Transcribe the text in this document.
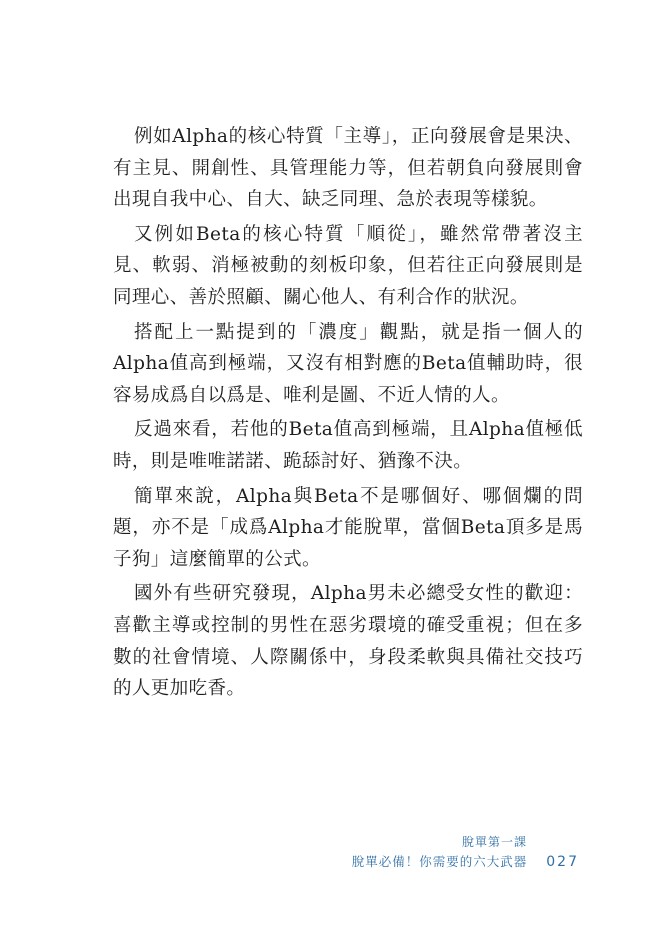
例如Alpha的核心特質「主導」，正向發展會是果決、有主見、開創性、具管理能力等，但若朝負向發展則會出現自我中心、自大、缺乏同理、急於表現等樣貌。

又例如Beta的核心特質「順從」，雖然常帶著沒主見、軟弱、消極被動的刻板印象，但若往正向發展則是同理心、善於照顧、關心他人、有利合作的狀況。

搭配上一點提到的「濃度」觀點，就是指一個人的Alpha值高到極端，又沒有相對應的Beta值輔助時，很容易成爲自以爲是、唯利是圖、不近人情的人。

反過來看，若他的Beta值高到極端，且Alpha值極低時，則是唯唯諾諾、跪舔討好、猶豫不決。

簡單來說，Alpha與Beta不是哪個好、哪個爛的問題，亦不是「成爲Alpha才能脫單，當個Beta頂多是馬子狗」這麼簡單的公式。

國外有些研究發現，Alpha男未必總受女性的歡迎：喜歡主導或控制的男性在惡劣環境的確受重視；但在多數的社會情境、人際關係中，身段柔軟與具備社交技巧的人更加吃香。

脫單第一課
脫單必備！你需要的六大武器 027
